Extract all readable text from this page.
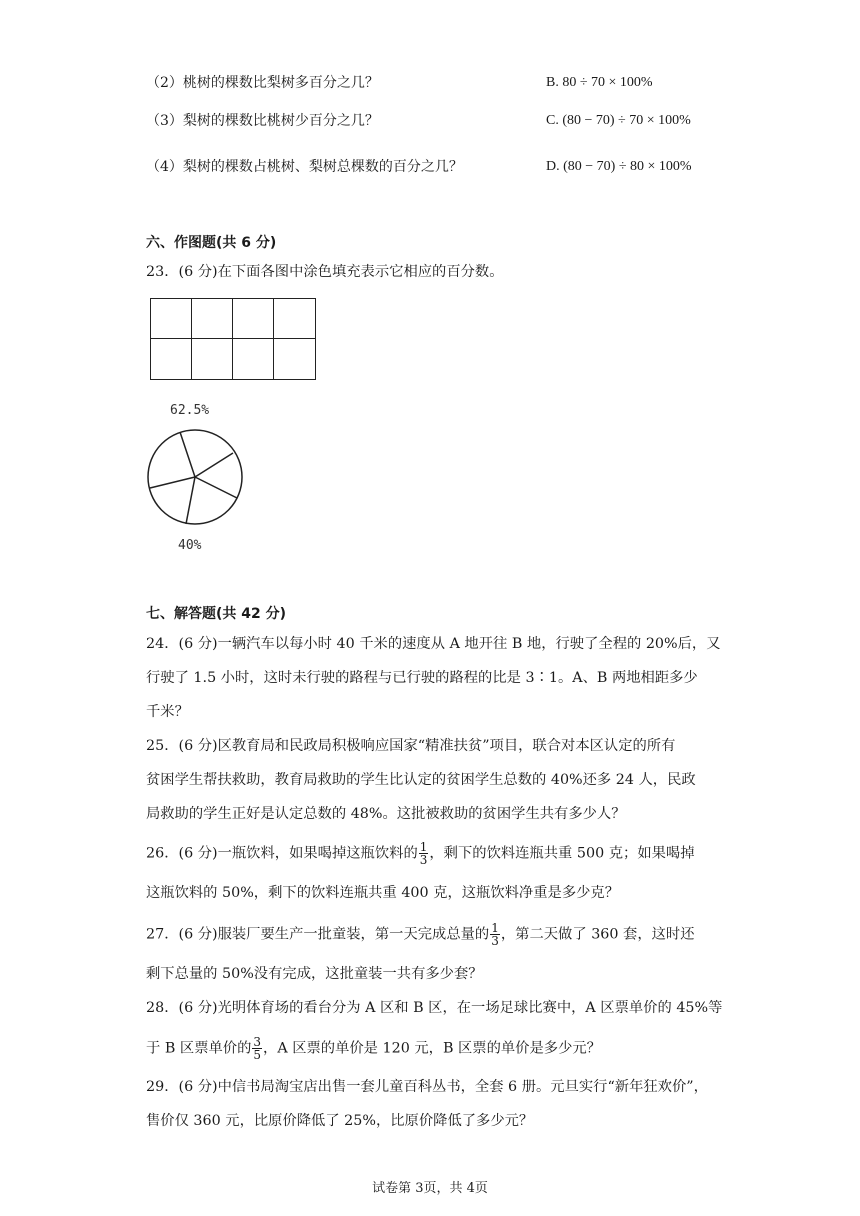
（2）桃树的棵数比梨树多百分之几？	B. 80 ÷ 70 × 100%
（3）梨树的棵数比桃树少百分之几？	C. (80 − 70) ÷ 70 × 100%
（4）梨树的棵数占桃树、梨树总棵数的百分之几？	D. (80 − 70) ÷ 80 × 100%
六、作图题(共 6 分)
23．(6 分)在下面各图中涂色填充表示它相应的百分数。
62.5%
40%
七、解答题(共 42 分)
24．(6 分)一辆汽车以每小时 40 千米的速度从 A 地开往 B 地，行驶了全程的 20%后，又
行驶了 1.5 小时，这时未行驶的路程与已行驶的路程的比是 3∶1。A、B 两地相距多少
千米？
25．(6 分)区教育局和民政局积极响应国家“精准扶贫”项目，联合对本区认定的所有
贫困学生帮扶救助，教育局救助的学生比认定的贫困学生总数的 40%还多 24 人，民政
局救助的学生正好是认定总数的 48%。这批被救助的贫困学生共有多少人？
26．(6 分)一瓶饮料，如果喝掉这瓶饮料的 $\frac{1}{3}$ ，剩下的饮料连瓶共重 500 克；如果喝掉
这瓶饮料的 50%，剩下的饮料连瓶共重 400 克，这瓶饮料净重是多少克？
27．(6 分)服装厂要生产一批童装，第一天完成总量的 $\frac{1}{3}$ ，第二天做了 360 套，这时还
剩下总量的 50%没有完成，这批童装一共有多少套？
28．(6 分)光明体育场的看台分为 A 区和 B 区，在一场足球比赛中，A 区票单价的 45%等
于 B 区票单价的 $\frac{3}{5}$ ，A 区票的单价是 120 元，B 区票的单价是多少元？
29．(6 分)中信书局淘宝店出售一套儿童百科丛书，全套 6 册。元旦实行“新年狂欢价”，
售价仅 360 元，比原价降低了 25%，比原价降低了多少元？
试卷第 3页，共 4页
